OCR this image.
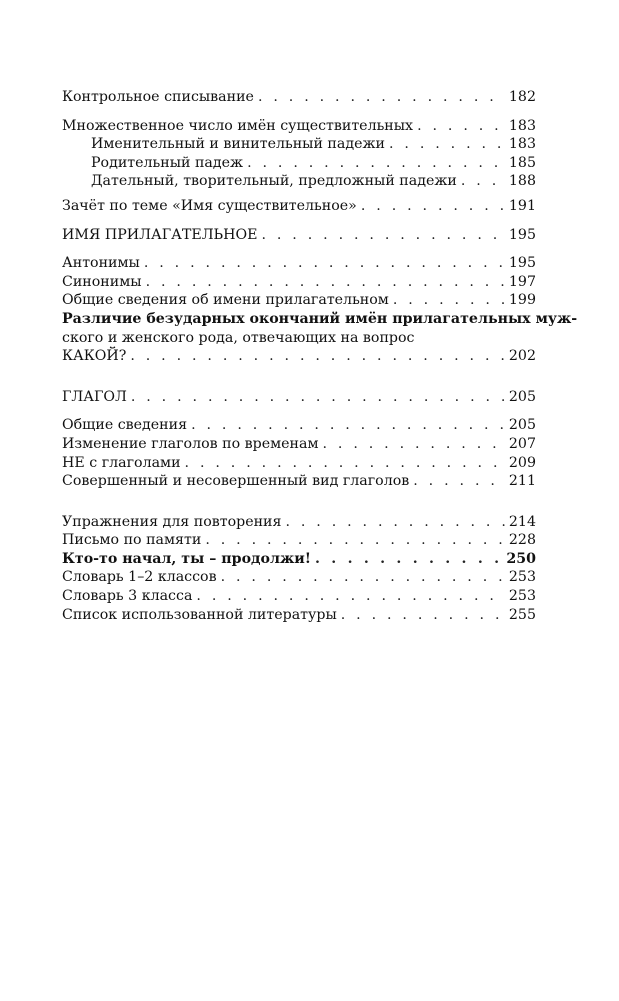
Контрольное списывание . . .	182
Множественное число имён существительных . . .	183
Именительный и винительный падежи . . .	183
Родительный падеж . . .	185
Дательный, творительный, предложный падежи . . .	188
Зачёт по теме «Имя существительное» . . .	191
ИМЯ ПРИЛАГАТЕЛЬНОЕ . . .	195
Антонимы . . .	195
Синонимы . . .	197
Общие сведения об имени прилагательном . . .	199
Различие безударных окончаний имён прилагательных муж-
ского и женского рода, отвечающих на вопрос
КАКОЙ? . . .	202
ГЛАГОЛ . . .	205
Общие сведения . . .	205
Изменение глаголов по временам . . .	207
НЕ с глаголами . . .	209
Совершенный и несовершенный вид глаголов . . .	211
Упражнения для повторения . . .	214
Письмо по памяти . . .	228
Кто-то начал, ты – продолжи! . . .	250
Словарь 1–2 классов . . .	253
Словарь 3 класса . . .	253
Список использованной литературы . . .	255
